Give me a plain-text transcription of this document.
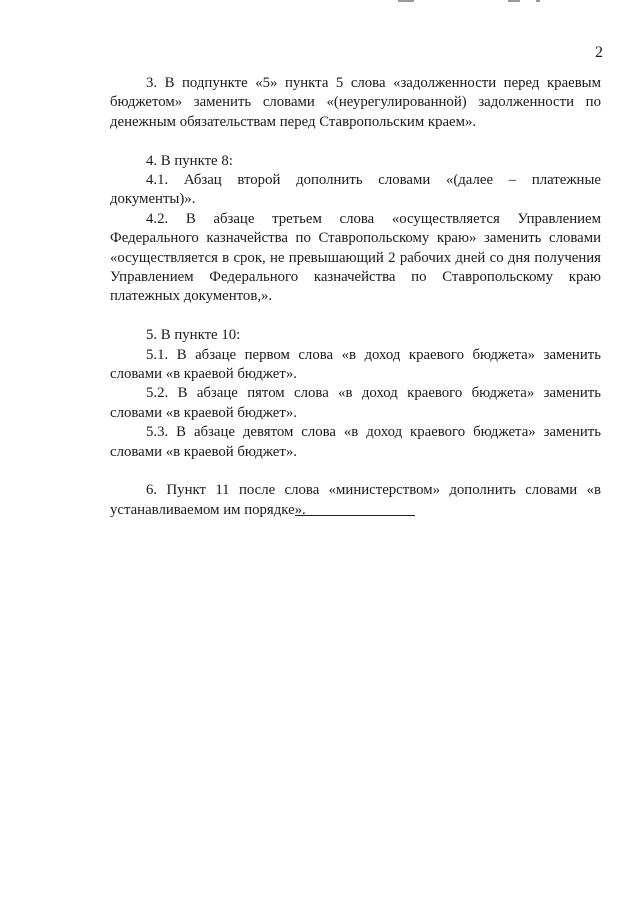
2

3. В подпункте «5» пункта 5 слова «задолженности перед краевым бюджетом» заменить словами «(неурегулированной) задолженности по денежным обязательствам перед Ставропольским краем».

4. В пункте 8:

4.1. Абзац второй дополнить словами «(далее – платежные документы)».

4.2. В абзаце третьем слова «осуществляется Управлением Федерального казначейства по Ставропольскому краю» заменить словами «осуществляется в срок, не превышающий 2 рабочих дней со дня получения Управлением Федерального казначейства по Ставропольскому краю платежных документов,».

5. В пункте 10:

5.1. В абзаце первом слова «в доход краевого бюджета» заменить словами «в краевой бюджет».

5.2. В абзаце пятом слова «в доход краевого бюджета» заменить словами «в краевой бюджет».

5.3. В абзаце девятом слова «в доход краевого бюджета» заменить словами «в краевой бюджет».

6. Пункт 11 после слова «министерством» дополнить словами «в устанавливаемом им порядке».
